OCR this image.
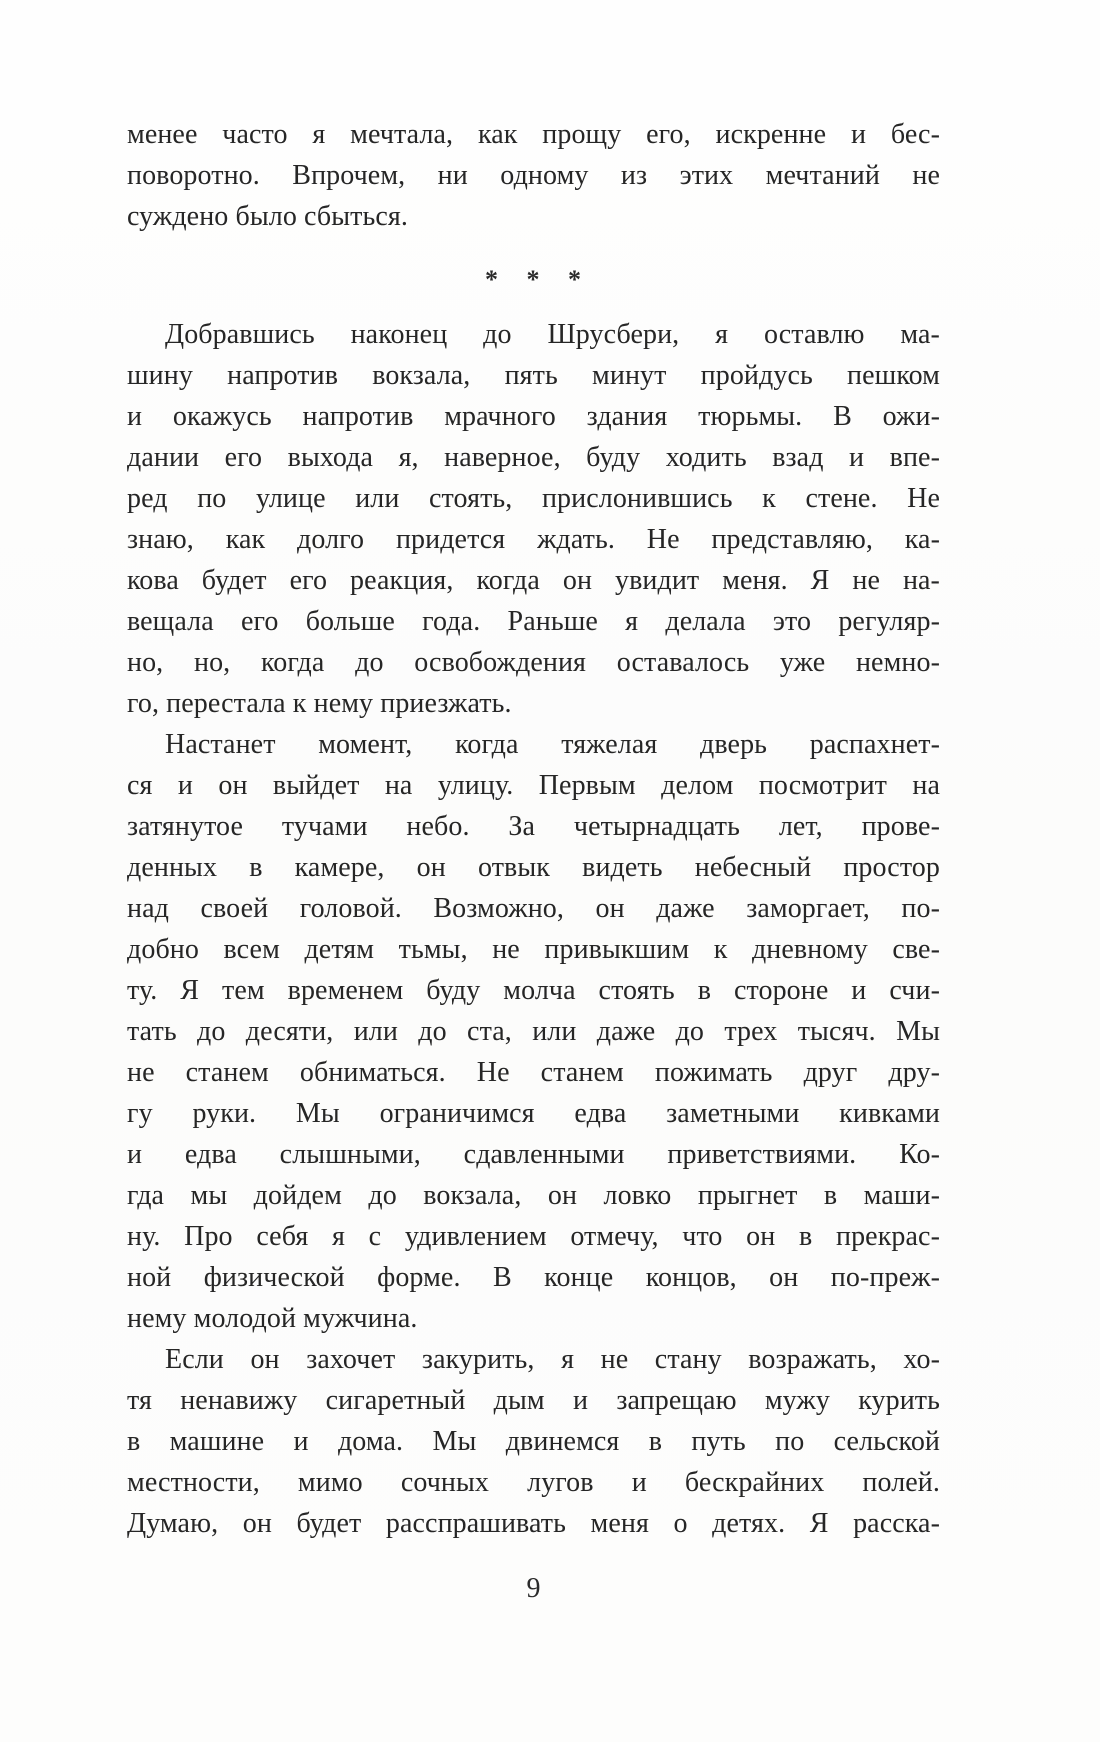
менее часто я мечтала, как прощу его, искренне и бес-
поворотно. Впрочем, ни одному из этих мечтаний не
суждено было сбыться.
* * *
Добравшись наконец до Шрусбери, я оставлю ма-
шину напротив вокзала, пять минут пройдусь пешком
и окажусь напротив мрачного здания тюрьмы. В ожи-
дании его выхода я, наверное, буду ходить взад и впе-
ред по улице или стоять, прислонившись к стене. Не
знаю, как долго придется ждать. Не представляю, ка-
кова будет его реакция, когда он увидит меня. Я не на-
вещала его больше года. Раньше я делала это регуляр-
но, но, когда до освобождения оставалось уже немно-
го, перестала к нему приезжать.
Настанет момент, когда тяжелая дверь распахнет-
ся и он выйдет на улицу. Первым делом посмотрит на
затянутое тучами небо. За четырнадцать лет, прове-
денных в камере, он отвык видеть небесный простор
над своей головой. Возможно, он даже заморгает, по-
добно всем детям тьмы, не привыкшим к дневному све-
ту. Я тем временем буду молча стоять в стороне и счи-
тать до десяти, или до ста, или даже до трех тысяч. Мы
не станем обниматься. Не станем пожимать друг дру-
гу руки. Мы ограничимся едва заметными кивками
и едва слышными, сдавленными приветствиями. Ко-
гда мы дойдем до вокзала, он ловко прыгнет в маши-
ну. Про себя я с удивлением отмечу, что он в прекрас-
ной физической форме. В конце концов, он по-преж-
нему молодой мужчина.
Если он захочет закурить, я не стану возражать, хо-
тя ненавижу сигаретный дым и запрещаю мужу курить
в машине и дома. Мы двинемся в путь по сельской
местности, мимо сочных лугов и бескрайних полей.
Думаю, он будет расспрашивать меня о детях. Я расска-
9
